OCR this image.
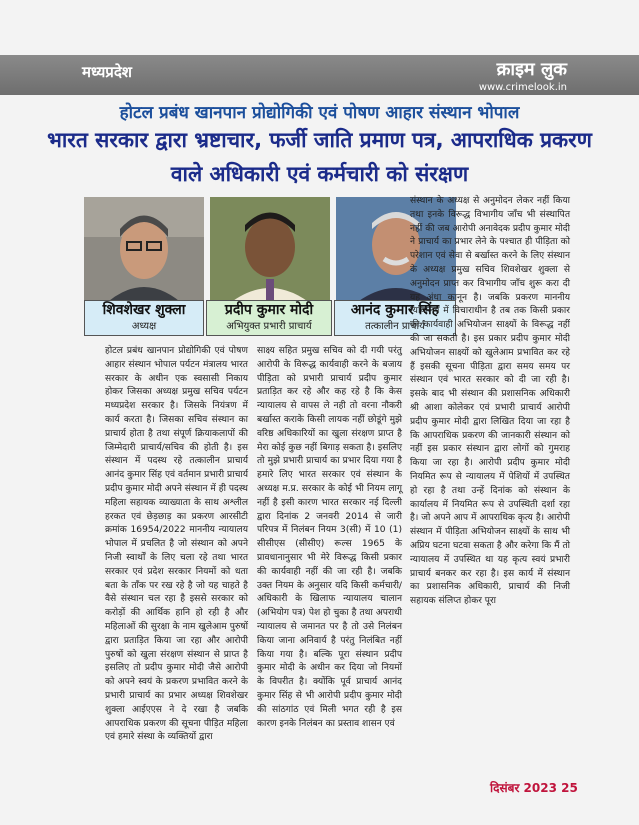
मध्यप्रदेश	क्राइम लुक
www.crimelook.in
होटल प्रबंध खानपान प्रोद्योगिकी एवं पोषण आहार संस्थान भोपाल
भारत सरकार द्वारा भ्रष्टाचार, फर्जी जाति प्रमाण पत्र, आपराधिक प्रकरण
वाले अधिकारी एवं कर्मचारी को संरक्षण
शिवशेखर शुक्ला
अध्यक्ष
प्रदीप कुमार मोदी
अभियुक्त प्रभारी प्राचार्य
आनंद कुमार सिंह
तत्कालीन प्राचार्य

होटल प्रबंध खानपान प्रोद्योगिकी एवं पोषण आहार संस्थान भोपाल पर्यटन मंत्रालय भारत सरकार के अधीन एक स्वसासी निकाय होकर जिसका अध्यक्ष प्रमुख सचिव पर्यटन मध्यप्रदेश सरकार है। जिसके नियंत्रण में कार्य करता है। जिसका सचिव संस्थान का प्राचार्य होता है तथा संपूर्ण क्रियाकलापों की जिम्मेदारी प्राचार्य/सचिव की होती है। इस संस्थान में पदस्थ रहे तत्कालीन प्राचार्य आनंद कुमार सिंह एवं वर्तमान प्रभारी प्राचार्य प्रदीप कुमार मोदी अपने संस्थान में ही पदस्थ महिला सहायक व्याख्याता के साथ अश्लील हरकत एवं छेड़छाड़ का प्रकरण आरसीटी क्रमांक 16954/2022 माननीय न्यायालय भोपाल में प्रचलित है जो संस्थान को अपने निजी स्वार्थों के लिए चला रहे तथा भारत सरकार एवं प्रदेश सरकार नियमों को धता बता के ताँक पर रख रहे है जो यह चाहते है वैसे संस्थान चल रहा है इससे सरकार को करोड़ों की आर्थिक हानि हो रही है और महिलाओं की सुरक्षा के नाम खुलेआम पुरुषों द्वारा प्रताड़ित किया जा रहा और आरोपी पुरुषों को खुला संरक्षण संस्थान से प्राप्त है इसलिए तो प्रदीप कुमार मोदी जैसे आरोपी को अपने स्वयं के प्रकरण प्रभावित करने के प्रभारी प्राचार्य का प्रभार अध्यक्ष शिवशेखर शुक्ला आईएएस ने दे रखा है जबकि आपराधिक प्रकरण की सूचना पीड़ित महिला एवं हमारे संस्था के व्यक्तियों द्वारा

साक्ष्य सहित प्रमुख सचिव को दी गयी परंतु आरोपी के विरूद्ध कार्यवाही करने के बजाय पीड़िता को प्रभारी प्राचार्य प्रदीप कुमार प्रताड़ित कर रहे और कह रहे है कि केस न्यायालय से वापस ले नही तो वरना नौकरी बर्खास्त कराके किसी लायक नहीं छोडूंगे मुझे वरिष्ठ अधिकारियों का खुला संरक्षण प्राप्त है मेरा कोई कुछ नहीं बिगाड़ सकता है। इसलिए तो मुझे प्रभारी प्राचार्य का प्रभार दिया गया है हमारे लिए भारत सरकार एवं संस्थान के अध्यक्ष म.प्र. सरकार के कोई भी नियम लागू नहीं है इसी कारण भारत सरकार नई दिल्ली द्वारा दिनांक 2 जनवरी 2014 से जारी परिपत्र में निलंबन नियम 3(सी) में 10 (1) सीसीएस (सीसीए) रूल्स 1965 के प्रावधानानुसार भी मेरे विरूद्ध किसी प्रकार की कार्यवाही नहीं की जा रही है। जबकि उक्त नियम के अनुसार यदि किसी कर्मचारी/अधिकारी के खिलाफ न्यायालय चालान (अभियोग पत्र) पेश हो चुका है तथा अपराधी न्यायालय से जमानत पर है तो उसे निलंबन किया जाना अनिवार्य है परंतु निलंबित नहीं किया गया है। बल्कि पूरा संस्थान प्रदीप कुमार मोदी के अधीन कर दिया जो नियमों के विपरीत है। क्योंकि पूर्व प्राचार्य आनंद कुमार सिंह से भी आरोपी प्रदीप कुमार मोदी की सांठगांठ एवं मिली भगत रही है इस कारण इनके निलंबन का प्रस्ताव शासन एवं

संस्थान के अध्यक्ष से अनुमोदन लेकर नहीं किया तथा इनके विरूद्ध विभागीय जाँच भी संस्थापित नहीं की जब आरोपी अनावेदक प्रदीप कुमार मोदी ने प्राचार्य का प्रभार लेने के पश्चात ही पीड़िता को परेशान एवं सेवा से बर्खास्त करने के लिए संस्थान के अध्यक्ष प्रमुख सचिव शिवशेखर शुक्ला से अनुमोदन प्राप्त कर विभागीय जाँच शुरू करा दी यह अंधा कानून है। जबकि प्रकरण माननीय न्यायालय में विचाराधीन है तब तक किसी प्रकार की कार्यवाही अभियोजन साक्ष्यों के विरूद्ध नहीं की जा सकती है। इस प्रकार प्रदीप कुमार मोदी अभियोजन साक्ष्यों को खुलेआम प्रभावित कर रहे हैं इसकी सूचना पीड़िता द्वारा समय समय पर संस्थान एवं भारत सरकार को दी जा रही है। इसके बाद भी संस्थान की प्रशासनिक अधिकारी श्री आशा कोलेकर एवं प्रभारी प्राचार्य आरोपी प्रदीप कुमार मोदी द्वारा लिखित दिया जा रहा है कि आपराधिक प्रकरण की जानकारी संस्थान को नहीं इस प्रकार संस्थान द्वारा लोगों को गुमराह किया जा रहा है। आरोपी प्रदीप कुमार मोदी नियमित रूप से न्यायालय में पेशियों में उपस्थित हो रहा है तथा उन्हें दिनांक को संस्थान के कार्यालय में नियमित रूप से उपस्थिती दर्शा रहा है। जो अपने आप में आपराधिक कृत्य है। आरोपी संस्थान में पीड़िता अभियोजन साक्ष्यों के साथ भी अप्रिय घटना घटवा सकता है और करेगा कि मैं तो न्यायालय में उपस्थित था यह कृत्य स्वयं प्रभारी प्राचार्य बनकर कर रहा है। इस कार्य में संस्थान का प्रशासनिक अधिकारी, प्राचार्य की निजी सहायक संलिप्त होकर पूरा

दिसंबर 2023 25
